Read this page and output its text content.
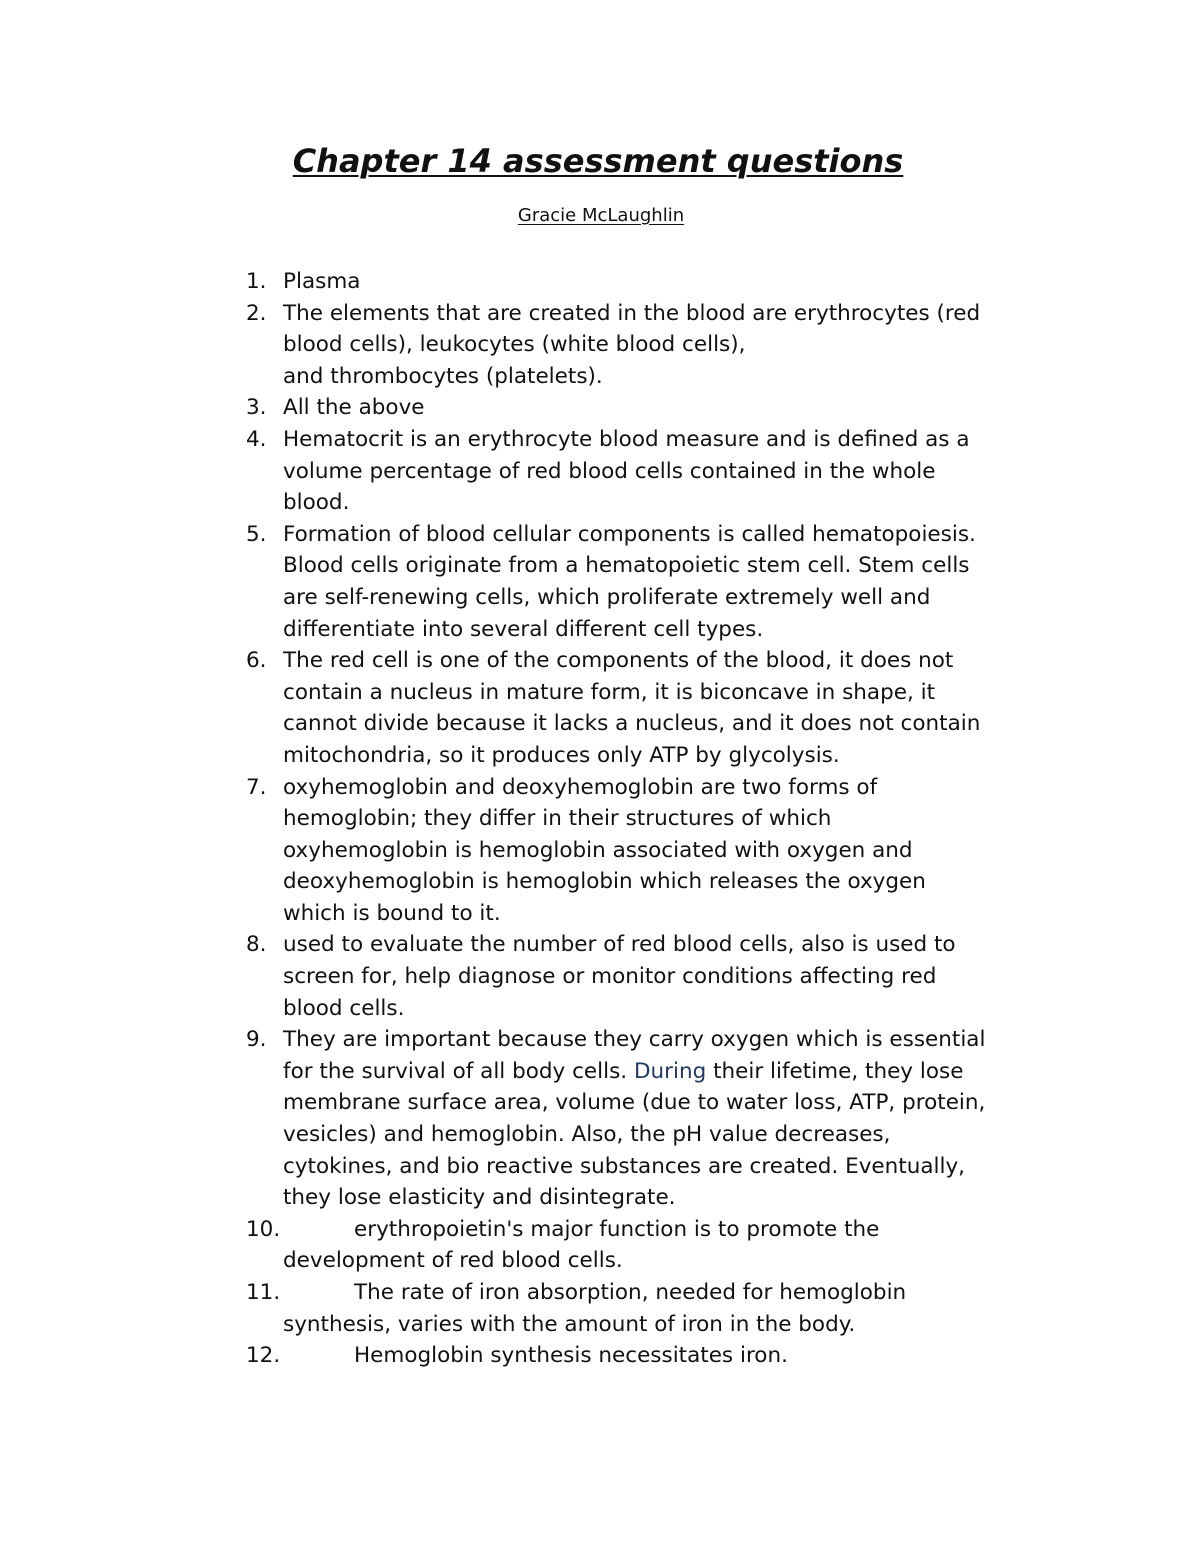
Chapter 14 assessment questions
Gracie McLaughlin
1. Plasma
2. The elements that are created in the blood are erythrocytes (red
blood cells), leukocytes (white blood cells),
and thrombocytes (platelets).
3. All the above
4. Hematocrit is an erythrocyte blood measure and is defined as a
volume percentage of red blood cells contained in the whole
blood.
5. Formation of blood cellular components is called hematopoiesis.
Blood cells originate from a hematopoietic stem cell. Stem cells
are self-renewing cells, which proliferate extremely well and
differentiate into several different cell types.
6. The red cell is one of the components of the blood, it does not
contain a nucleus in mature form, it is biconcave in shape, it
cannot divide because it lacks a nucleus, and it does not contain
mitochondria, so it produces only ATP by glycolysis.
7. oxyhemoglobin and deoxyhemoglobin are two forms of
hemoglobin; they differ in their structures of which
oxyhemoglobin is hemoglobin associated with oxygen and
deoxyhemoglobin is hemoglobin which releases the oxygen
which is bound to it.
8. used to evaluate the number of red blood cells, also is used to
screen for, help diagnose or monitor conditions affecting red
blood cells.
9. They are important because they carry oxygen which is essential
for the survival of all body cells. During their lifetime, they lose
membrane surface area, volume (due to water loss, ATP, protein,
vesicles) and hemoglobin. Also, the pH value decreases,
cytokines, and bio reactive substances are created. Eventually,
they lose elasticity and disintegrate.
10.	erythropoietin's major function is to promote the
development of red blood cells.
11.	The rate of iron absorption, needed for hemoglobin
synthesis, varies with the amount of iron in the body.
12.	Hemoglobin synthesis necessitates iron.
